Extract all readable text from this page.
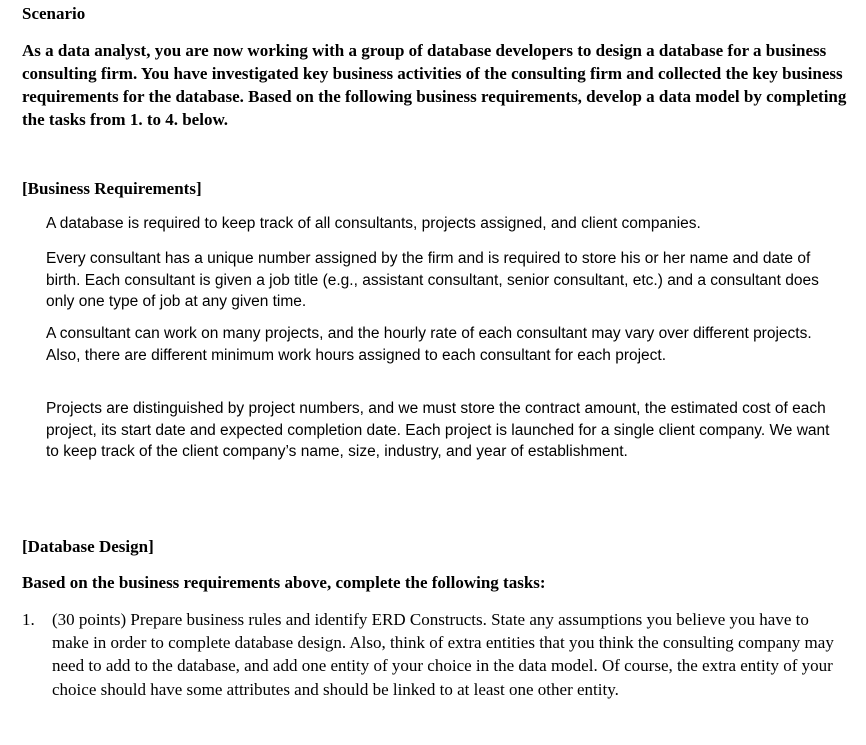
Scenario

As a data analyst, you are now working with a group of database developers to design a database for a business consulting firm. You have investigated key business activities of the consulting firm and collected the key business requirements for the database. Based on the following business requirements, develop a data model by completing the tasks from 1. to 4. below.

[Business Requirements]

A database is required to keep track of all consultants, projects assigned, and client companies.

Every consultant has a unique number assigned by the firm and is required to store his or her name and date of birth. Each consultant is given a job title (e.g., assistant consultant, senior consultant, etc.) and a consultant does only one type of job at any given time.

A consultant can work on many projects, and the hourly rate of each consultant may vary over different projects. Also, there are different minimum work hours assigned to each consultant for each project.

Projects are distinguished by project numbers, and we must store the contract amount, the estimated cost of each project, its start date and expected completion date. Each project is launched for a single client company. We want to keep track of the client company’s name, size, industry, and year of establishment.

[Database Design]

Based on the business requirements above, complete the following tasks:

1.	(30 points) Prepare business rules and identify ERD Constructs. State any assumptions you believe you have to make in order to complete database design. Also, think of extra entities that you think the consulting company may need to add to the database, and add one entity of your choice in the data model. Of course, the extra entity of your choice should have some attributes and should be linked to at least one other entity.
